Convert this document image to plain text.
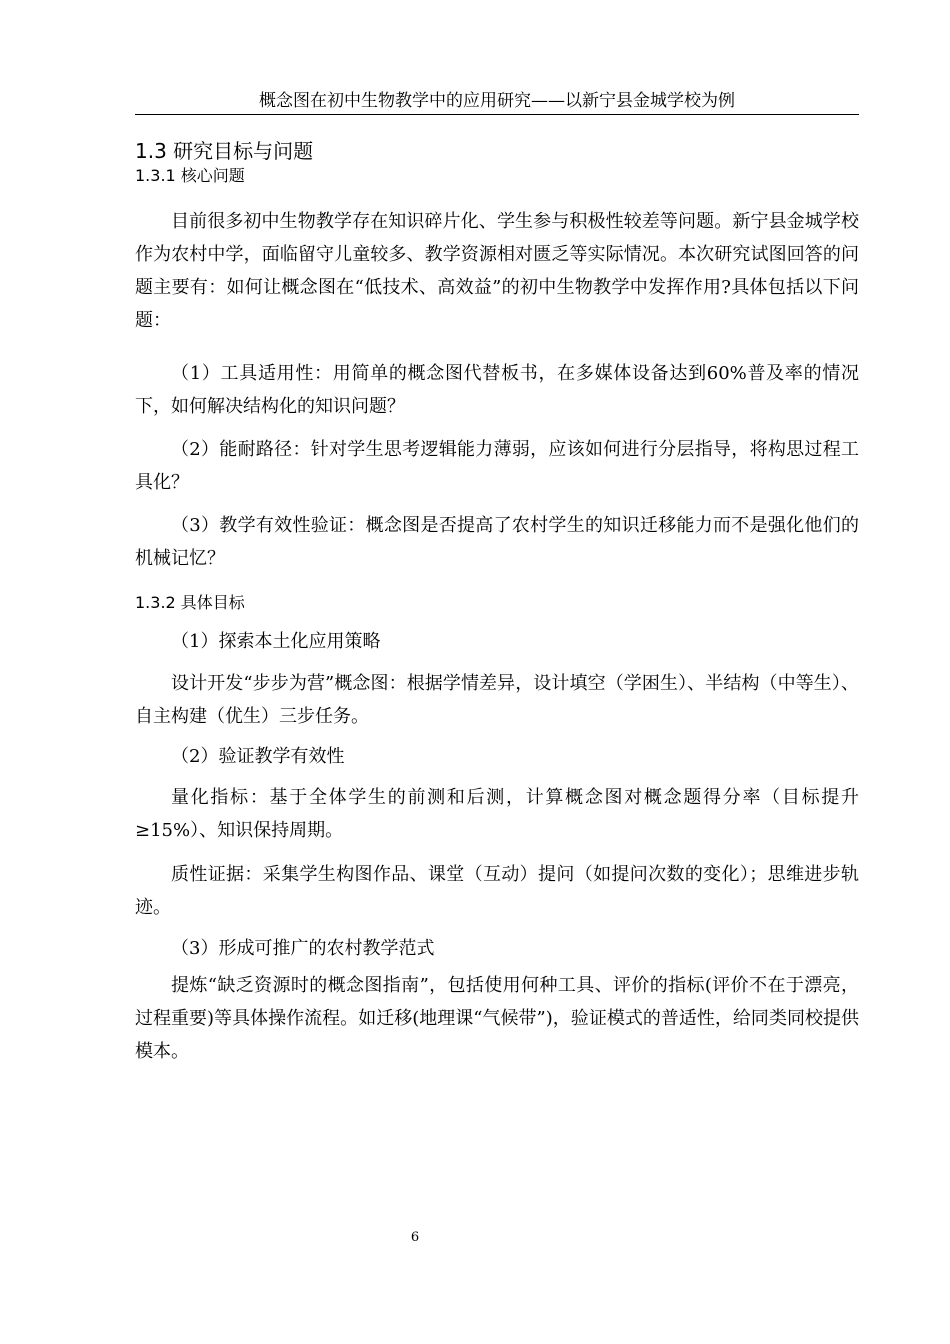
概念图在初中生物教学中的应用研究——以新宁县金城学校为例
1.3 研究目标与问题
1.3.1 核心问题

目前很多初中生物教学存在知识碎片化、学生参与积极性较差等问题。新宁县金城学校作为农村中学，面临留守儿童较多、教学资源相对匮乏等实际情况。本次研究试图回答的问题主要有：如何让概念图在“低技术、高效益”的初中生物教学中发挥作用?具体包括以下问题：

（1）工具适用性：用简单的概念图代替板书，在多媒体设备达到60%普及率的情况下，如何解决结构化的知识问题？

（2）能耐路径：针对学生思考逻辑能力薄弱，应该如何进行分层指导，将构思过程工具化？

（3）教学有效性验证：概念图是否提高了农村学生的知识迁移能力而不是强化他们的机械记忆？

1.3.2 具体目标

（1）探索本土化应用策略

设计开发“步步为营”概念图：根据学情差异，设计填空（学困生）、半结构（中等生）、自主构建（优生）三步任务。

（2）验证教学有效性

量化指标：基于全体学生的前测和后测，计算概念图对概念题得分率（目标提升≥15%）、知识保持周期。

质性证据：采集学生构图作品、课堂（互动）提问（如提问次数的变化）；思维进步轨迹。

（3）形成可推广的农村教学范式

提炼“缺乏资源时的概念图指南”，包括使用何种工具、评价的指标(评价不在于漂亮，过程重要)等具体操作流程。如迁移(地理课“气候带”)，验证模式的普适性，给同类同校提供模本。

6
